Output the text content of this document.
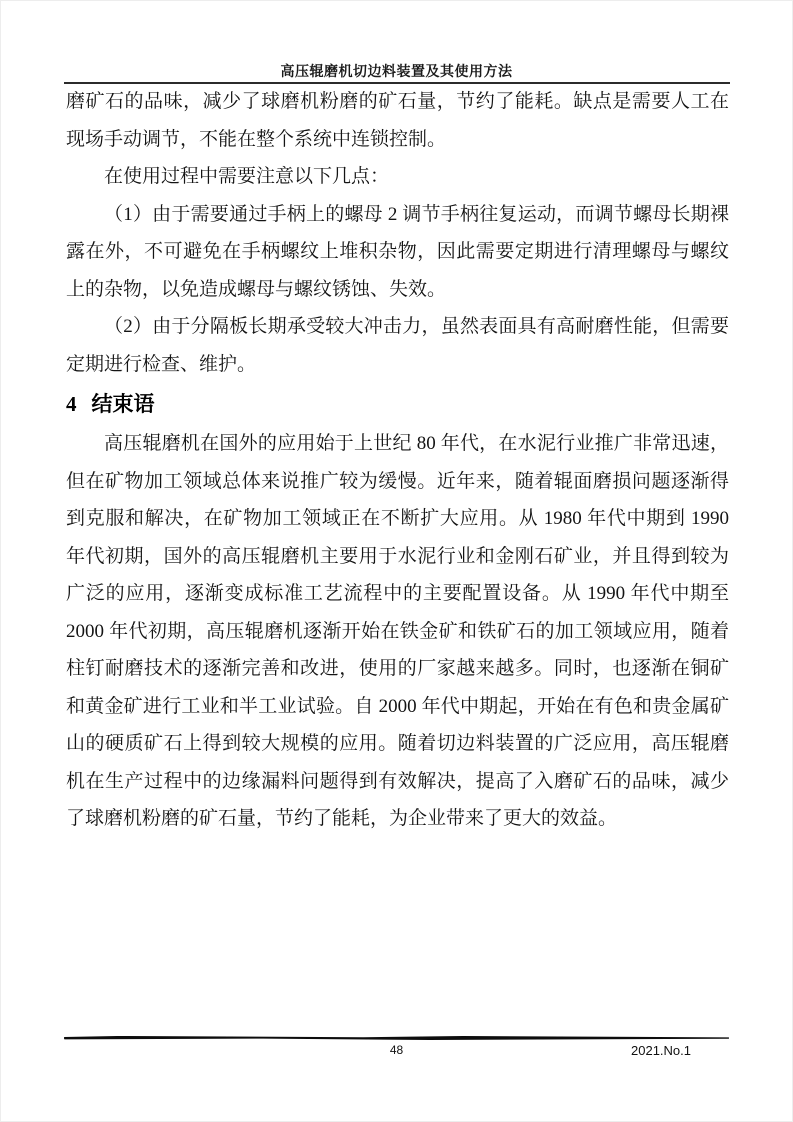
高压辊磨机切边料装置及其使用方法

磨矿石的品味，减少了球磨机粉磨的矿石量，节约了能耗。缺点是需要人工在现场手动调节，不能在整个系统中连锁控制。

在使用过程中需要注意以下几点：

（1）由于需要通过手柄上的螺母 2 调节手柄往复运动，而调节螺母长期裸露在外，不可避免在手柄螺纹上堆积杂物，因此需要定期进行清理螺母与螺纹上的杂物，以免造成螺母与螺纹锈蚀、失效。

（2）由于分隔板长期承受较大冲击力，虽然表面具有高耐磨性能，但需要定期进行检查、维护。

4 结束语

高压辊磨机在国外的应用始于上世纪 80 年代，在水泥行业推广非常迅速，但在矿物加工领域总体来说推广较为缓慢。近年来，随着辊面磨损问题逐渐得到克服和解决，在矿物加工领域正在不断扩大应用。从 1980 年代中期到 1990 年代初期，国外的高压辊磨机主要用于水泥行业和金刚石矿业，并且得到较为广泛的应用，逐渐变成标准工艺流程中的主要配置设备。从 1990 年代中期至 2000 年代初期，高压辊磨机逐渐开始在铁金矿和铁矿石的加工领域应用，随着柱钉耐磨技术的逐渐完善和改进，使用的厂家越来越多。同时，也逐渐在铜矿和黄金矿进行工业和半工业试验。自 2000 年代中期起，开始在有色和贵金属矿山的硬质矿石上得到较大规模的应用。随着切边料装置的广泛应用，高压辊磨机在生产过程中的边缘漏料问题得到有效解决，提高了入磨矿石的品味，减少了球磨机粉磨的矿石量，节约了能耗，为企业带来了更大的效益。

48	2021.No.1
